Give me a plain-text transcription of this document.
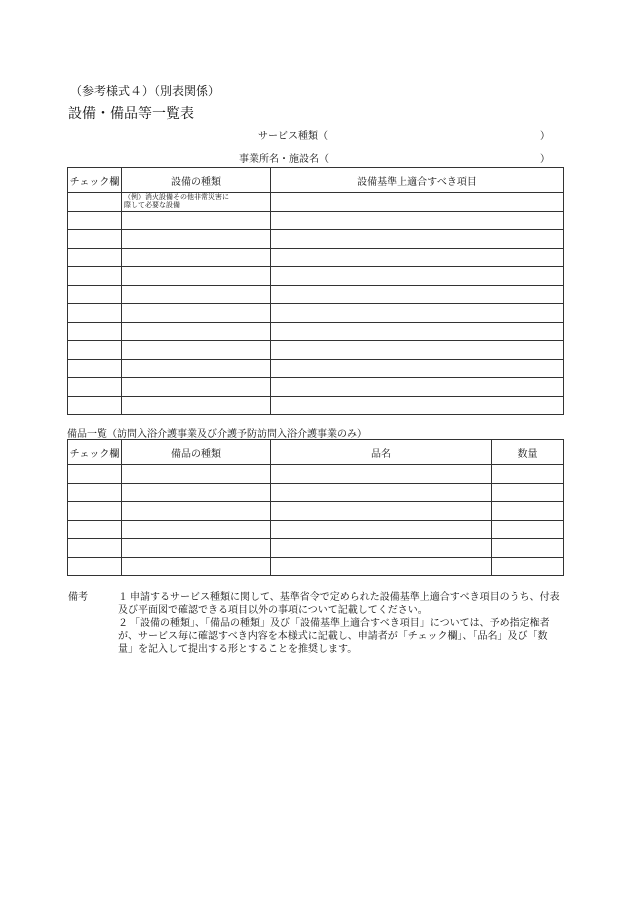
（参考様式４）（別表関係）
設備・備品等一覧表
サービス種類（	）
事業所名・施設名（	）
チェック欄	設備の種類	設備基準上適合すべき項目

	（例）消火設備その他非常災害に
際して必要な設備	

備品一覧（訪問入浴介護事業及び介護予防訪問入浴介護事業のみ）
チェック欄	備品の種類	品名	数量

備考	１ 申請するサービス種類に関して、基準省令で定められた設備基準上適合すべき項目のうち、付表
及び平面図で確認できる項目以外の事項について記載してください。
２ 「設備の種類」、「備品の種類」及び「設備基準上適合すべき項目」については、予め指定権者
が、サービス毎に確認すべき内容を本様式に記載し、申請者が「チェック欄」、「品名」及び「数
量」を記入して提出する形とすることを推奨します。
